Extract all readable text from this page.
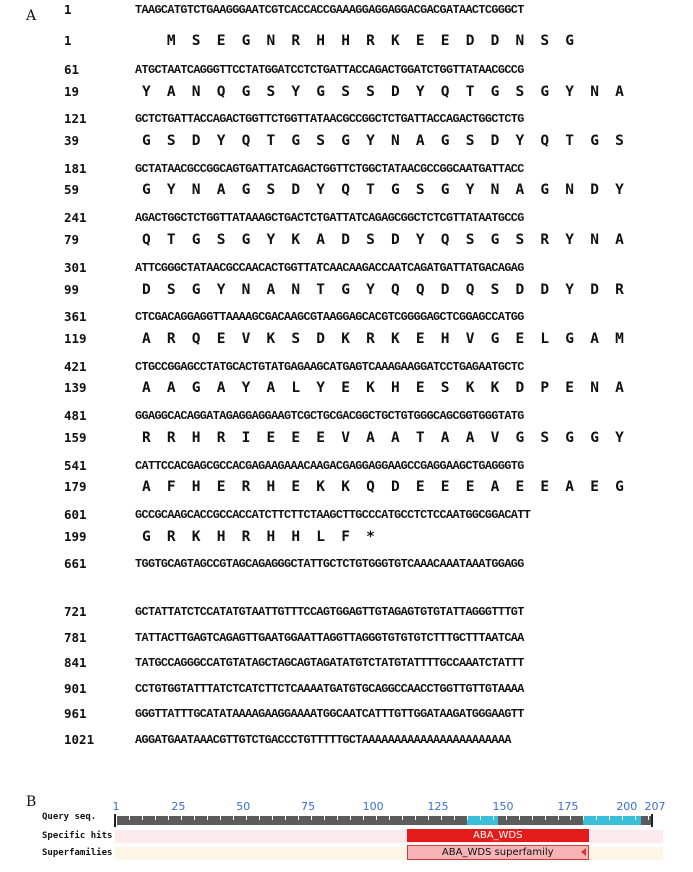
A 1	TAAGCATGTCTGAAGGGAATCGTCACCACCGAAAGGAGGAGGACGACGATAACTCGGGCT
1	M S E G N R H H R K E E D D N S G
61	ATGCTAATCAGGGTTCCTATGGATCCTCTGATTACCAGACTGGATCTGGTTATAACGCCG
19	Y A N Q G S Y G S S D Y Q T G S G Y N A
121	GCTCTGATTACCAGACTGGTTCTGGTTATAACGCCGGCTCTGATTACCAGACTGGCTCTG
39	G S D Y Q T G S G Y N A G S D Y Q T G S
181	GCTATAACGCCGGCAGTGATTATCAGACTGGTTCTGGCTATAACGCCGGCAATGATTACC
59	G Y N A G S D Y Q T G S G Y N A G N D Y
241	AGACTGGCTCTGGTTATAAAGCTGACTCTGATTATCAGAGCGGCTCTCGTTATAATGCCG
79	Q T G S G Y K A D S D Y Q S G S R Y N A
301	ATTCGGGCTATAACGCCAACACTGGTTATCAACAAGACCAATCAGATGATTATGACAGAG
99	D S G Y N A N T G Y Q Q D Q S D D Y D R
361	CTCGACAGGAGGTTAAAAGCGACAAGCGTAAGGAGCACGTCGGGGAGCTCGGAGCCATGG
119	A R Q E V K S D K R K E H V G E L G A M
421	CTGCCGGAGCCTATGCACTGTATGAGAAGCATGAGTCAAAGAAGGATCCTGAGAATGCTC
139	A A G A Y A L Y E K H E S K K D P E N A
481	GGAGGCACAGGATAGAGGAGGAAGTCGCTGCGACGGCTGCTGTGGGCAGCGGTGGGTATG
159	R R H R I E E E V A A T A A V G S G G Y
541	CATTCCACGAGCGCCACGAGAAGAAACAAGACGAGGAGGAAGCCGAGGAAGCTGAGGGTG
179	A F H E R H E K K Q D E E E A E E A E G
601	GCCGCAAGCACCGCCACCATCTTCTTCTAAGCTTGCCCATGCCTCTCCAATGGCGGACATT
199	G R K H R H H L F *
661	TGGTGCAGTAGCCGTAGCAGAGGGCTATTGCTCTGTGGGTGTCAAACAAATAAATGGAGG
721	GCTATTATCTCCATATGTAATTGTTTCCAGTGGAGTTGTAGAGTGTGTATTAGGGTTTGT
781	TATTACTTGAGTCAGAGTTGAATGGAATTAGGTTAGGGTGTGTGTCTTTGCTTTAATCAA
841	TATGCCAGGGCCATGTATAGCTAGCAGTAGATATGTCTATGTATTTTGCCAAATCTATTT
901	CCTGTGGTATTTATCTCATCTTCTCAAAATGATGTGCAGGCCAACCTGGTTGTTGTAAAA
961	GGGTTATTTGCATATAAAAGAAGGAAAATGGCAATCATTTGTTGGATAAGATGGGAAGTT
1021	AGGATGAATAAACGTTGTCTGACCCTGTTTTTGCTAAAAAAAAAAAAAAAAAAAAAAA
B
Query seq.
Specific hits
Superfamilies
1	25	50	75	100	125	150	175	200 207
ABA_WDS
ABA_WDS superfamily
